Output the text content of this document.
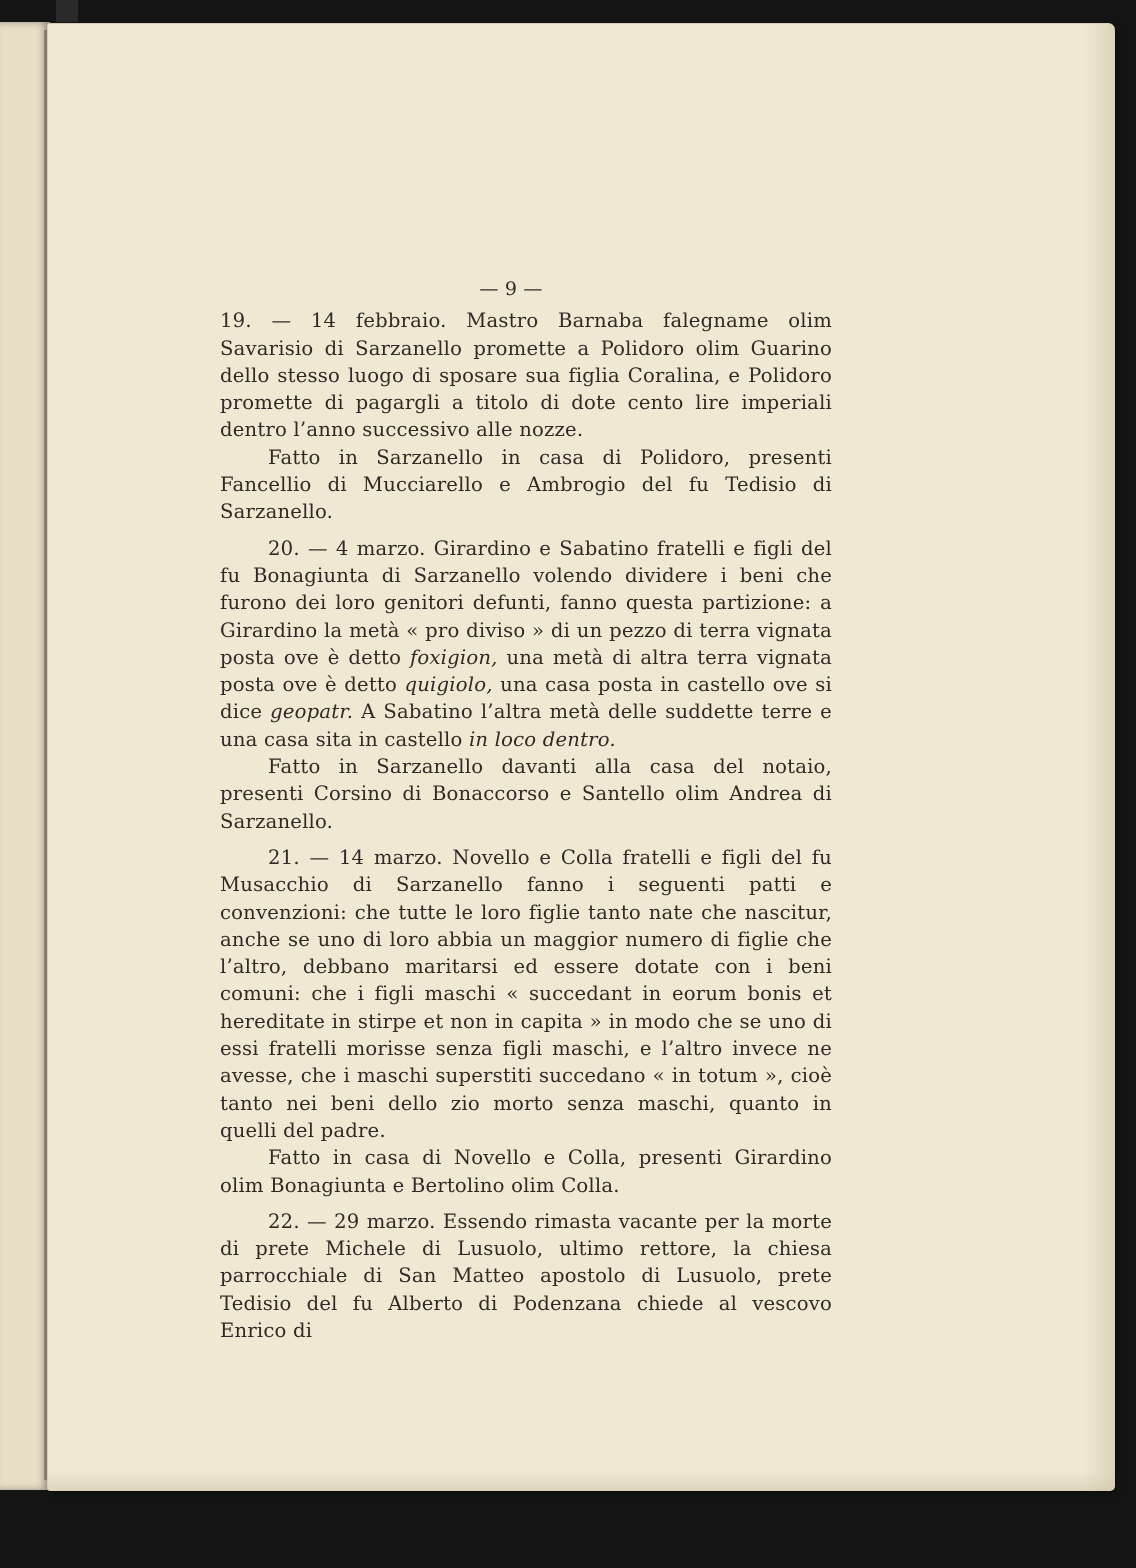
— 9 —

19. — 14 febbraio. Mastro Barnaba falegname olim Savarisio di Sarzanello promette a Polidoro olim Guarino dello stesso luogo di sposare sua figlia Coralina, e Polidoro promette di pagargli a titolo di dote cento lire imperiali dentro l’anno successivo alle nozze.

Fatto in Sarzanello in casa di Polidoro, presenti Fancellio di Mucciarello e Ambrogio del fu Tedisio di Sarzanello.

20. — 4 marzo. Girardino e Sabatino fratelli e figli del fu Bonagiunta di Sarzanello volendo dividere i beni che furono dei loro genitori defunti, fanno questa partizione: a Girardino la metà « pro diviso » di un pezzo di terra vignata posta ove è detto foxigion, una metà di altra terra vignata posta ove è detto quigiolo, una casa posta in castello ove si dice geopatr. A Sabatino l’altra metà delle suddette terre e una casa sita in castello in loco dentro.

Fatto in Sarzanello davanti alla casa del notaio, presenti Corsino di Bonaccorso e Santello olim Andrea di Sarzanello.

21. — 14 marzo. Novello e Colla fratelli e figli del fu Musacchio di Sarzanello fanno i seguenti patti e convenzioni: che tutte le loro figlie tanto nate che nascitur, anche se uno di loro abbia un maggior numero di figlie che l’altro, debbano maritarsi ed essere dotate con i beni comuni: che i figli maschi « succedant in eorum bonis et hereditate in stirpe et non in capita » in modo che se uno di essi fratelli morisse senza figli maschi, e l’altro invece ne avesse, che i maschi superstiti succedano « in totum », cioè tanto nei beni dello zio morto senza maschi, quanto in quelli del padre.

Fatto in casa di Novello e Colla, presenti Girardino olim Bonagiunta e Bertolino olim Colla.

22. — 29 marzo. Essendo rimasta vacante per la morte di prete Michele di Lusuolo, ultimo rettore, la chiesa parrocchiale di San Matteo apostolo di Lusuolo, prete Tedisio del fu Alberto di Podenzana chiede al vescovo Enrico di
